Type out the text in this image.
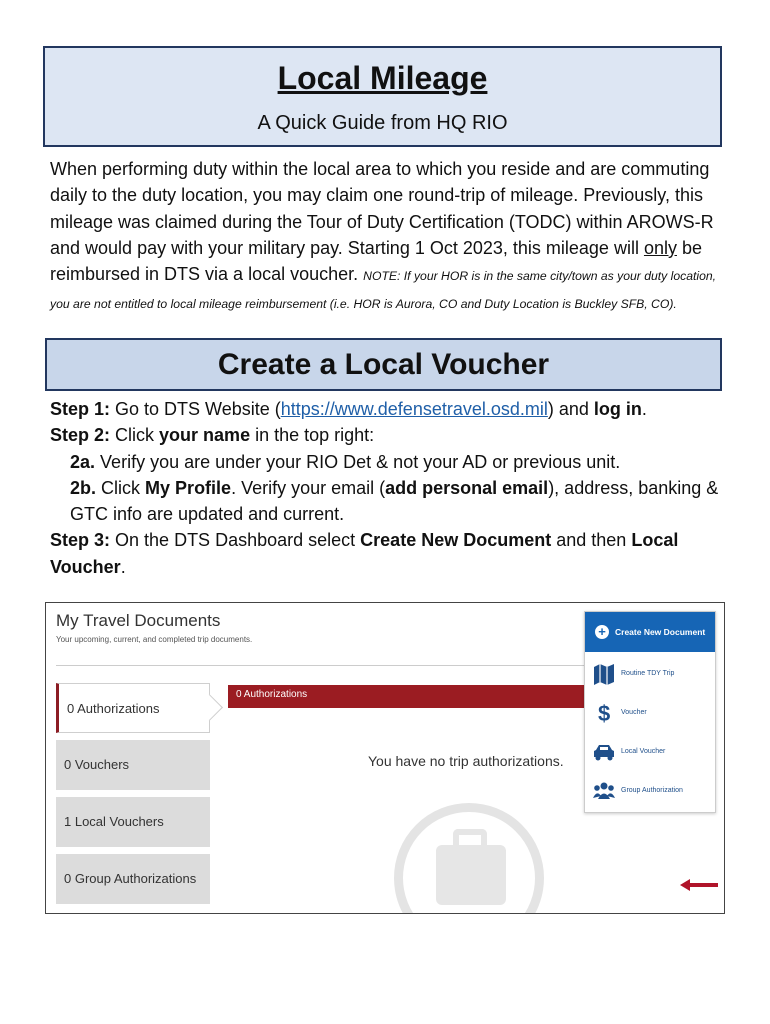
Local Mileage
A Quick Guide from HQ RIO
When performing duty within the local area to which you reside and are commuting daily to the duty location, you may claim one round-trip of mileage. Previously, this mileage was claimed during the Tour of Duty Certification (TODC) within AROWS-R and would pay with your military pay. Starting 1 Oct 2023, this mileage will only be reimbursed in DTS via a local voucher. NOTE: If your HOR is in the same city/town as your duty location, you are not entitled to local mileage reimbursement (i.e. HOR is Aurora, CO and Duty Location is Buckley SFB, CO).
Create a Local Voucher
Step 1: Go to DTS Website (https://www.defensetravel.osd.mil) and log in.
Step 2: Click your name in the top right:
2a. Verify you are under your RIO Det & not your AD or previous unit.
2b. Click My Profile. Verify your email (add personal email), address, banking & GTC info are updated and current.
Step 3: On the DTS Dashboard select Create New Document and then Local Voucher.
My Travel Documents
Your upcoming, current, and completed trip documents.
0 Authorizations
0 Vouchers
1 Local Vouchers
0 Group Authorizations
0 Authorizations
You have no trip authorizations.
+	Create New Document
Routine TDY Trip
$ Voucher
Local Voucher
Group Authorization
